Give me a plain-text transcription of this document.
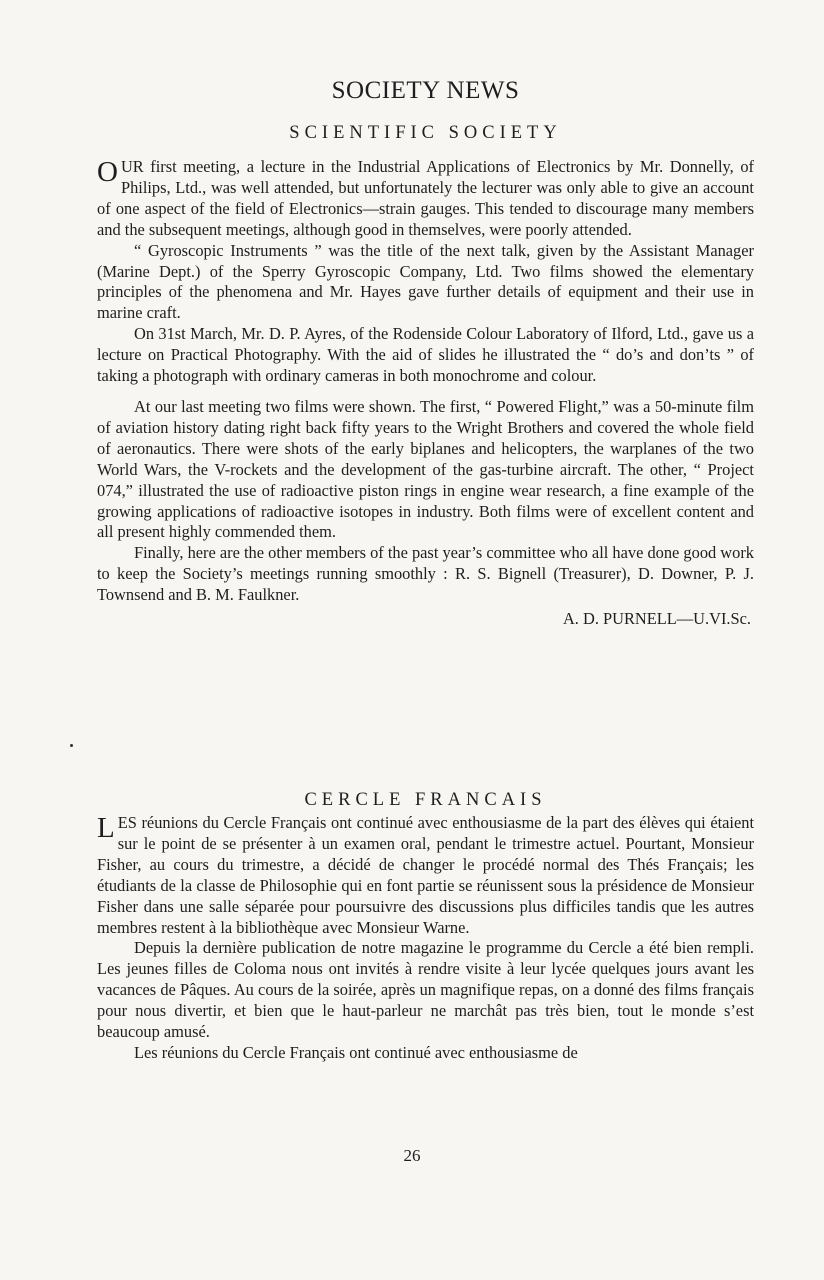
SOCIETY NEWS
SCIENTIFIC SOCIETY

OUR first meeting, a lecture in the Industrial Applications of Electronics by Mr. Donnelly, of Philips, Ltd., was well attended, but unfortunately the lecturer was only able to give an account of one aspect of the field of Electronics—strain gauges. This tended to discourage many members and the subsequent meetings, although good in themselves, were poorly attended.

“ Gyroscopic Instruments ” was the title of the next talk, given by the Assistant Manager (Marine Dept.) of the Sperry Gyroscopic Company, Ltd. Two films showed the elementary principles of the phenomena and Mr. Hayes gave further details of equipment and their use in marine craft.

On 31st March, Mr. D. P. Ayres, of the Rodenside Colour Laboratory of Ilford, Ltd., gave us a lecture on Practical Photography. With the aid of slides he illustrated the “ do’s and don’ts ” of taking a photograph with ordinary cameras in both monochrome and colour.

At our last meeting two films were shown. The first, “ Powered Flight,” was a 50-minute film of aviation history dating right back fifty years to the Wright Brothers and covered the whole field of aeronautics. There were shots of the early biplanes and helicopters, the warplanes of the two World Wars, the V-rockets and the development of the gas-turbine aircraft. The other, “ Project 074,” illustrated the use of radioactive piston rings in engine wear research, a fine example of the growing applications of radioactive isotopes in industry. Both films were of excellent content and all present highly commended them.

Finally, here are the other members of the past year’s committee who all have done good work to keep the Society’s meetings running smoothly : R. S. Bignell (Treasurer), D. Downer, P. J. Townsend and B. M. Faulkner.

A. D. PURNELL—U.VI.Sc.
CERCLE FRANCAIS

LES réunions du Cercle Français ont continué avec enthousiasme de la part des élèves qui étaient sur le point de se présenter à un examen oral, pendant le trimestre actuel. Pourtant, Monsieur Fisher, au cours du trimestre, a décidé de changer le procédé normal des Thés Français; les étudiants de la classe de Philosophie qui en font partie se réunissent sous la présidence de Monsieur Fisher dans une salle séparée pour poursuivre des discussions plus difficiles tandis que les autres membres restent à la bibliothèque avec Monsieur Warne.

Depuis la dernière publication de notre magazine le programme du Cercle a été bien rempli. Les jeunes filles de Coloma nous ont invités à rendre visite à leur lycée quelques jours avant les vacances de Pâques. Au cours de la soirée, après un magnifique repas, on a donné des films français pour nous divertir, et bien que le haut-parleur ne marchât pas très bien, tout le monde s’est beaucoup amusé.

Les réunions du Cercle Français ont continué avec enthousiasme de

26
